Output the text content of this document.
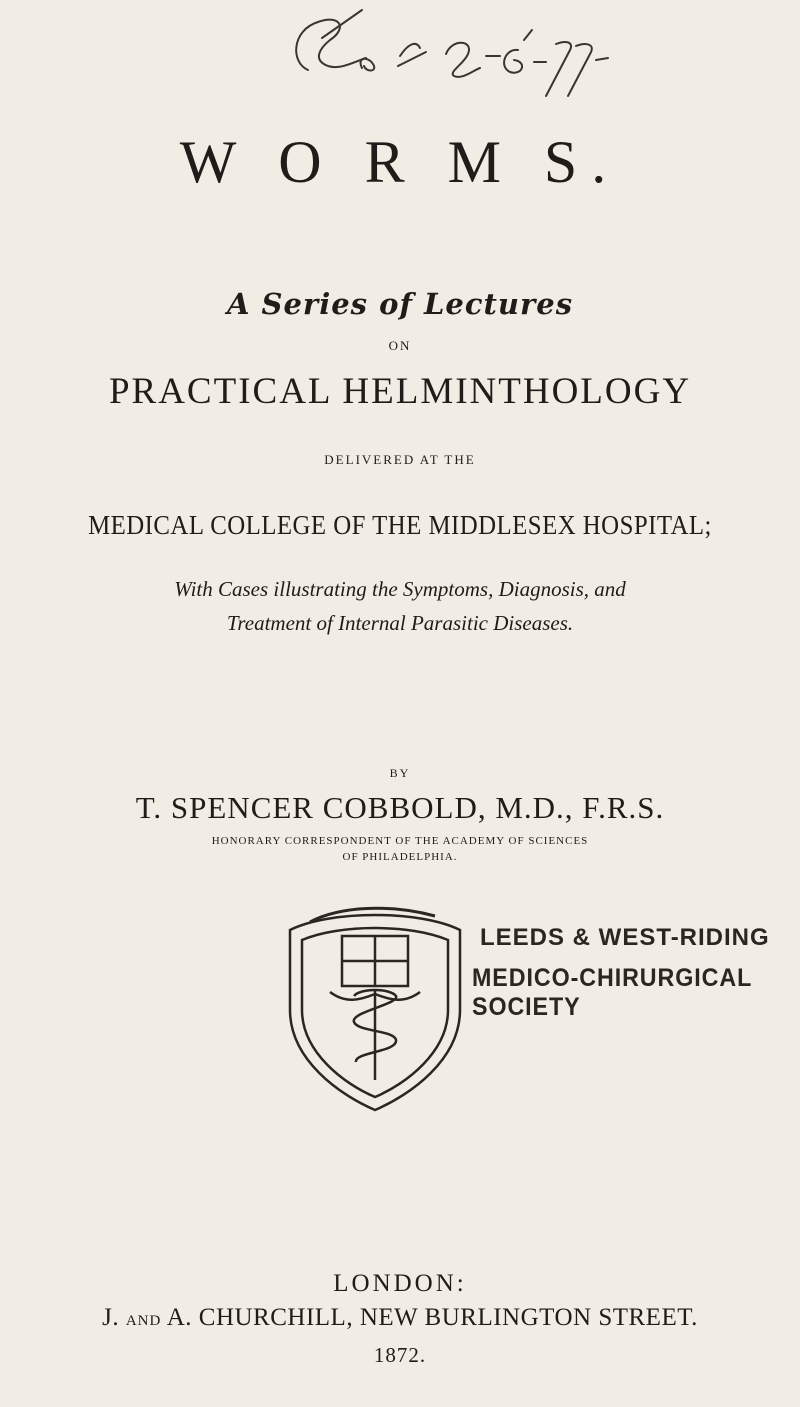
W O R M S.

A Series of Lectures

ON

PRACTICAL HELMINTHOLOGY

DELIVERED AT THE

MEDICAL COLLEGE OF THE MIDDLESEX HOSPITAL;

With Cases illustrating the Symptoms, Diagnosis, and
Treatment of Internal Parasitic Diseases.

BY

T. SPENCER COBBOLD, M.D., F.R.S.

HONORARY CORRESPONDENT OF THE ACADEMY OF SCIENCES
OF PHILADELPHIA.

LEEDS & WEST-RIDING
MEDICO-CHIRURGICAL SOCIETY

LONDON:

J. AND A. CHURCHILL, NEW BURLINGTON STREET.

1872.
